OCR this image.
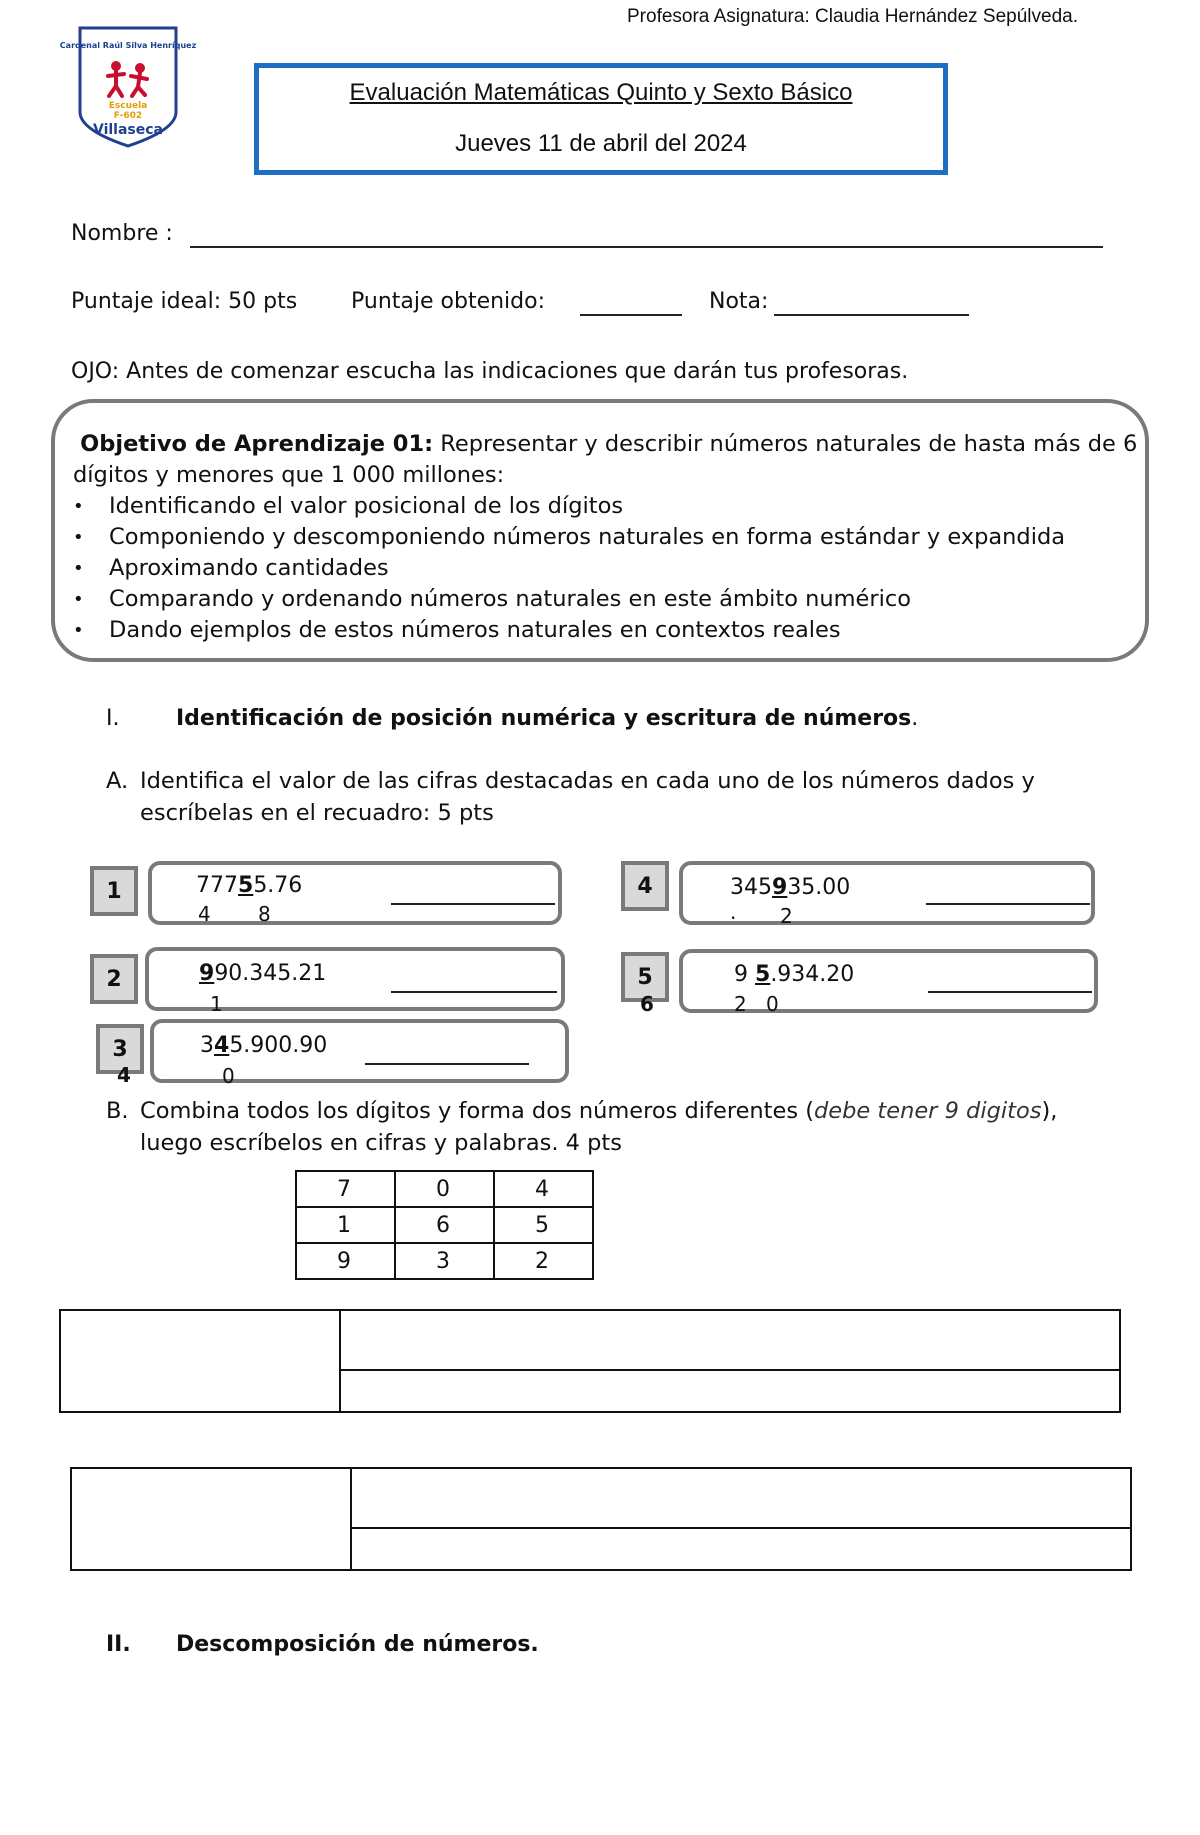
Profesora Asignatura: Claudia Hernández Sepúlveda.
Cardenal Raúl Silva Henríquez
Escuela
F-602
Villaseca
Evaluación Matemáticas Quinto y Sexto Básico
Jueves 11 de abril del 2024
Nombre :
Puntaje ideal: 50 pts Puntaje obtenido:	Nota:
OJO: Antes de comenzar escucha las indicaciones que darán tus profesoras.
Objetivo de Aprendizaje 01: Representar y describir números naturales de hasta más de 6 dígitos y menores que 1 000 millones:
• Identificando el valor posicional de los dígitos
• Componiendo y descomponiendo números naturales en forma estándar y expandida
• Aproximando cantidades
• Comparando y ordenando números naturales en este ámbito numérico
• Dando ejemplos de estos números naturales en contextos reales
I.	Identificación de posición numérica y escritura de números.
A. Identifica el valor de las cifras destacadas en cada uno de los números dados y escríbelas en el recuadro: 5 pts
1	77755.76
4 8
2	990.345.21
1
3
4
345.900.90
0
4	345935.00
. 2
5
6
9 5.934.20
2 0
B. Combina todos los dígitos y forma dos números diferentes (debe tener 9 digitos), luego escríbelos en cifras y palabras. 4 pts
7	0	4
1	6	5
9	3	2
II. Descomposición de números.
